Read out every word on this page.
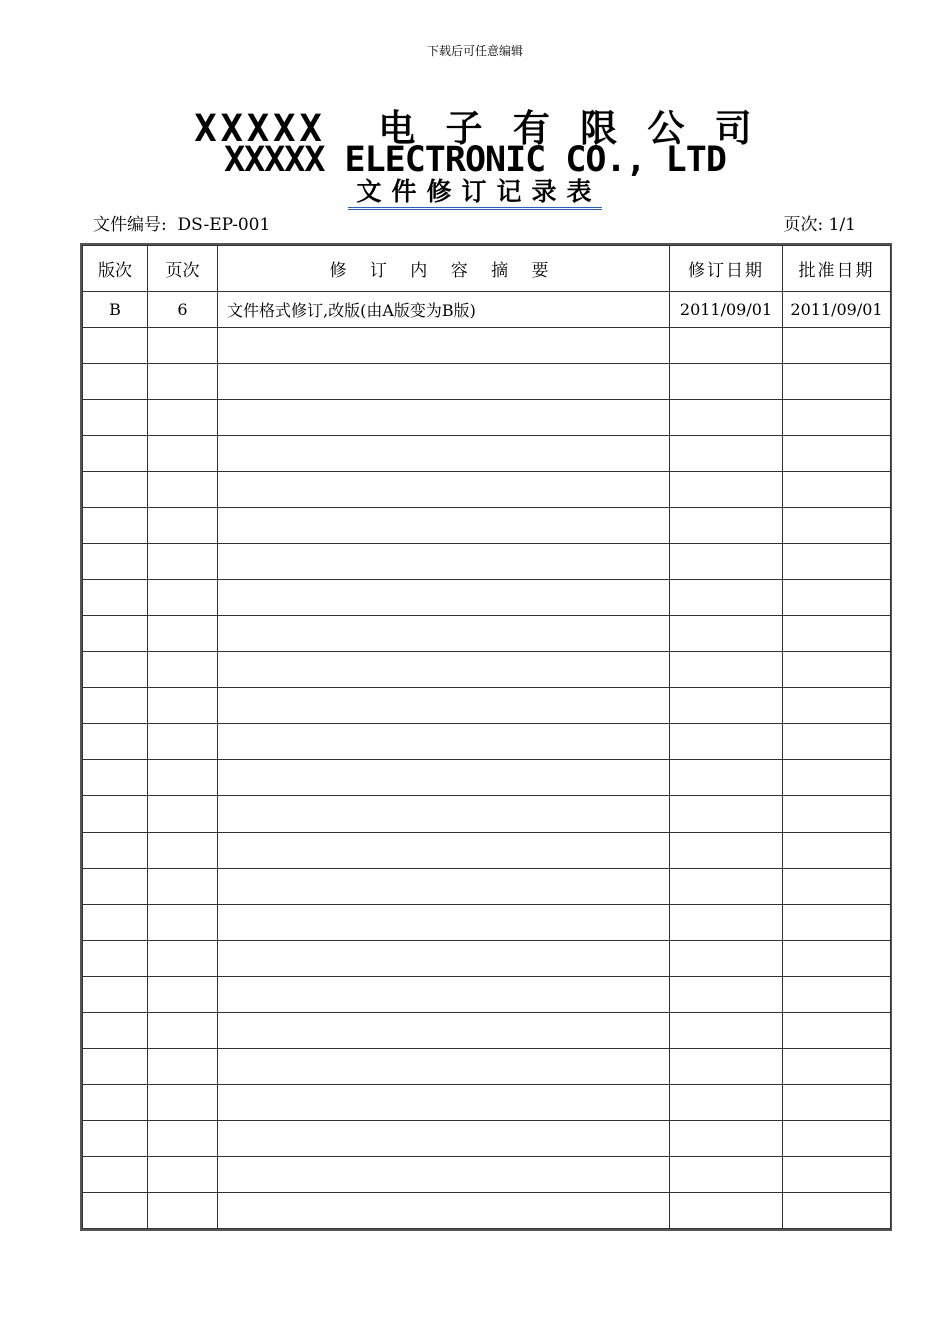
下载后可任意编辑
XXXXX  电 子 有 限 公 司
XXXXX ELECTRONIC CO., LTD
文件修订记录表
文件编号: DS-EP-001	页次: 1/1
版次	页次	修 订 内 容 摘 要	修订日期	批准日期
B	6	文件格式修订,改版(由A版变为B版)	2011/09/01	2011/09/01
